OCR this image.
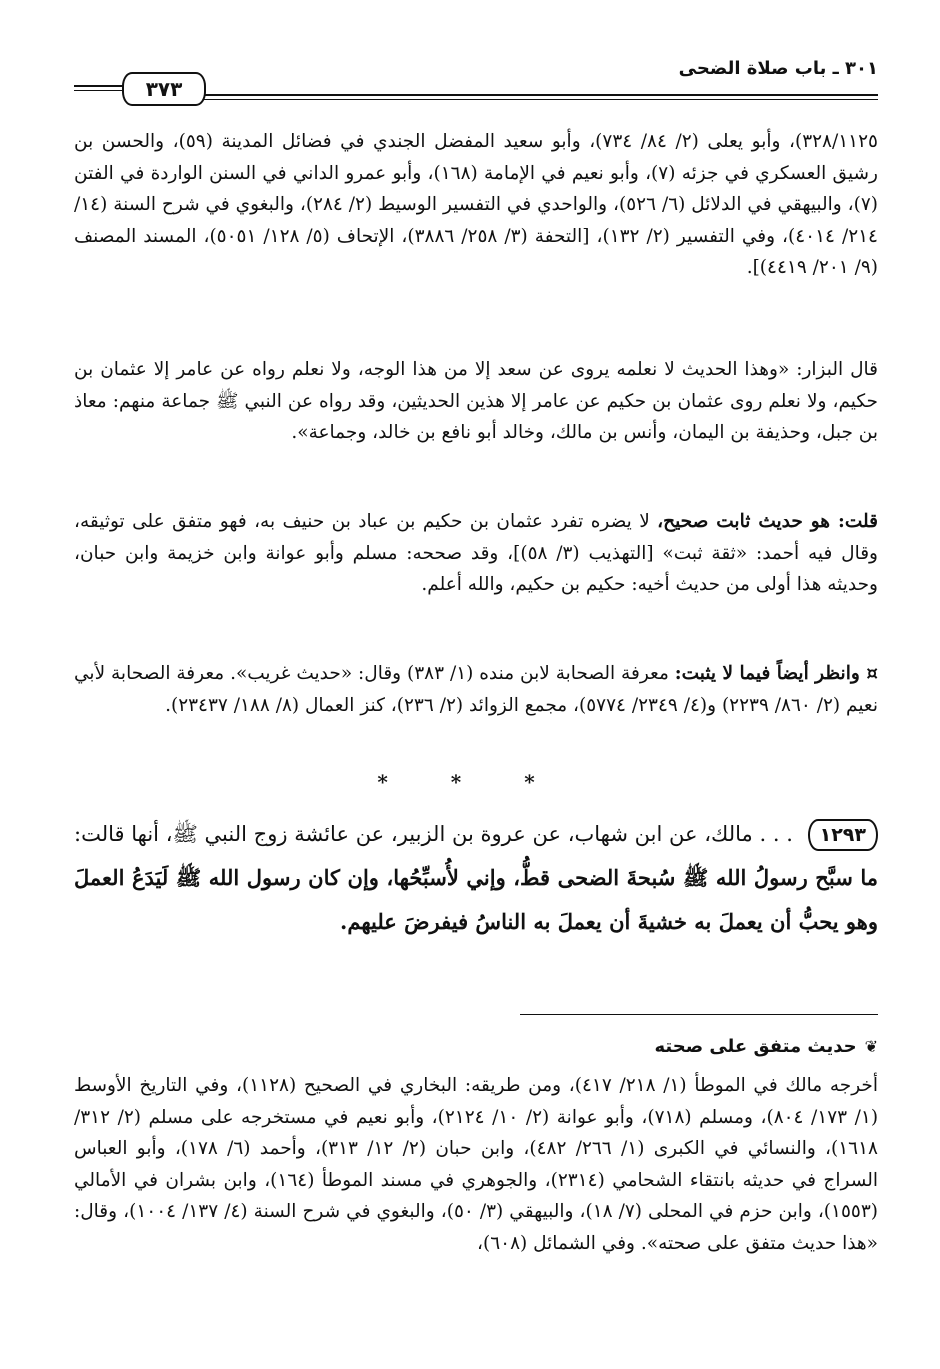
٣٠١ ـ باب صلاة الضحى
٣٧٣
٣٢٨/١١٢٥)، وأبو يعلى (٢/ ٨٤/ ٧٣٤)، وأبو سعيد المفضل الجندي في فضائل المدينة (٥٩)، والحسن بن رشيق العسكري في جزئه (٧)، وأبو نعيم في الإمامة (١٦٨)، وأبو عمرو الداني في السنن الواردة في الفتن (٧)، والبيهقي في الدلائل (٦/ ٥٢٦)، والواحدي في التفسير الوسيط (٢/ ٢٨٤)، والبغوي في شرح السنة (١٤/ ٢١٤/ ٤٠١٤)، وفي التفسير (٢/ ١٣٢)، [التحفة (٣/ ٢٥٨/ ٣٨٨٦)، الإتحاف (٥/ ١٢٨/ ٥٠٥١)، المسند المصنف (٩/ ٢٠١/ ٤٤١٩)].
قال البزار: «وهذا الحديث لا نعلمه يروى عن سعد إلا من هذا الوجه، ولا نعلم رواه عن عامر إلا عثمان بن حكيم، ولا نعلم روى عثمان بن حكيم عن عامر إلا هذين الحديثين، وقد رواه عن النبي ﷺ جماعة منهم: معاذ بن جبل، وحذيفة بن اليمان، وأنس بن مالك، وخالد أبو نافع بن خالد، وجماعة».
قلت: هو حديث ثابت صحيح، لا يضره تفرد عثمان بن حكيم بن عباد بن حنيف به، فهو متفق على توثيقه، وقال فيه أحمد: «ثقة ثبت» [التهذيب (٣/ ٥٨)]، وقد صححه: مسلم وأبو عوانة وابن خزيمة وابن حبان، وحديثه هذا أولى من حديث أخيه: حكيم بن حكيم، والله أعلم.
¤ وانظر أيضاً فيما لا يثبت: معرفة الصحابة لابن منده (١/ ٣٨٣) وقال: «حديث غريب». معرفة الصحابة لأبي نعيم (٢/ ٨٦٠/ ٢٢٣٩) و(٤/ ٢٣٤٩/ ٥٧٧٤)، مجمع الزوائد (٢/ ٢٣٦)، كنز العمال (٨/ ١٨٨/ ٢٣٤٣٧).
* * *
١٢٩٣ . . . مالك، عن ابن شهاب، عن عروة بن الزبير، عن عائشة زوج النبي ﷺ، أنها قالت: ما سبَّح رسولُ الله ﷺ سُبحةَ الضحى قطُّ، وإني لأُسبِّحُها، وإن كان رسول الله ﷺ لَيَدَعُ العملَ وهو يحبُّ أن يعملَ به خشيةَ أن يعملَ به الناسُ فيفرضَ عليهم.
❦حديث متفق على صحته
أخرجه مالك في الموطأ (١/ ٢١٨/ ٤١٧)، ومن طريقه: البخاري في الصحيح (١١٢٨)، وفي التاريخ الأوسط (١/ ١٧٣/ ٨٠٤)، ومسلم (٧١٨)، وأبو عوانة (٢/ ١٠/ ٢١٢٤)، وأبو نعيم في مستخرجه على مسلم (٢/ ٣١٢/ ١٦١٨)، والنسائي في الكبرى (١/ ٢٦٦/ ٤٨٢)، وابن حبان (٢/ ١٢/ ٣١٣)، وأحمد (٦/ ١٧٨)، وأبو العباس السراج في حديثه بانتقاء الشحامي (٢٣١٤)، والجوهري في مسند الموطأ (١٦٤)، وابن بشران في الأمالي (١٥٥٣)، وابن حزم في المحلى (٧/ ١٨)، والبيهقي (٣/ ٥٠)، والبغوي في شرح السنة (٤/ ١٣٧/ ١٠٠٤)، وقال: «هذا حديث متفق على صحته». وفي الشمائل (٦٠٨)،
